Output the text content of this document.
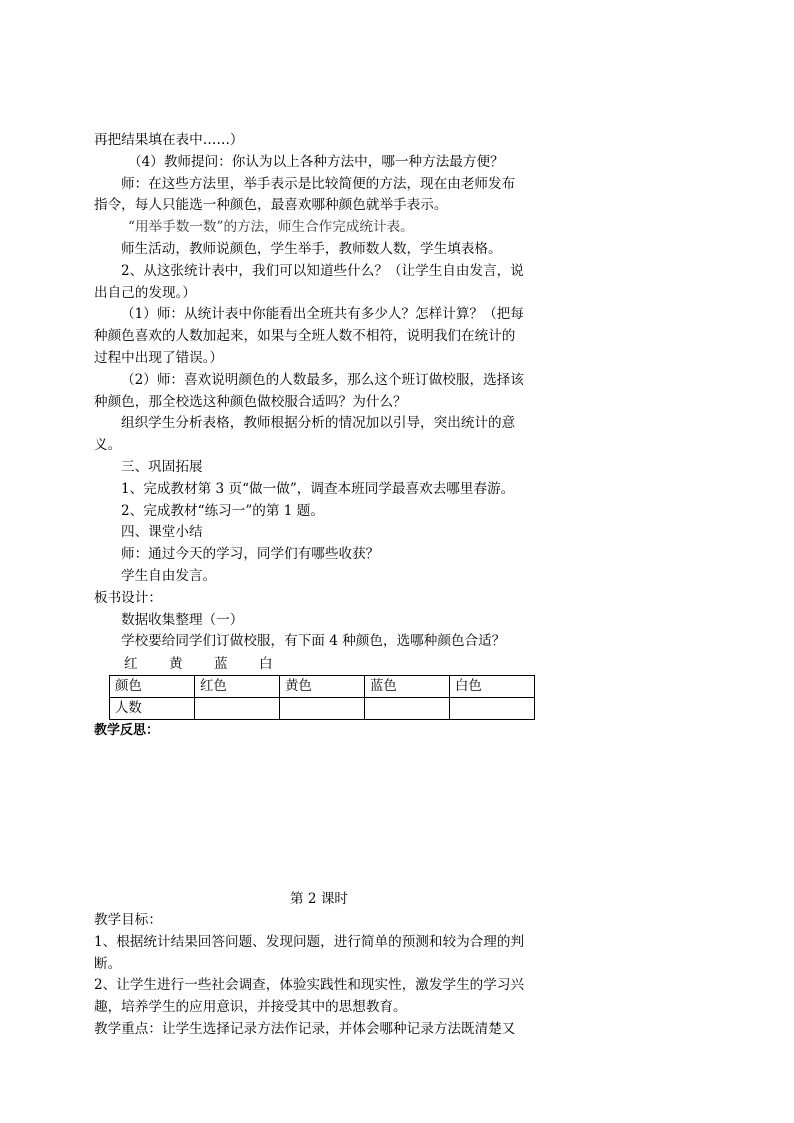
再把结果填在表中……）
（4）教师提问：你认为以上各种方法中，哪一种方法最方便？
师：在这些方法里，举手表示是比较简便的方法，现在由老师发布
指令，每人只能选一种颜色，最喜欢哪种颜色就举手表示。
“用举手数一数”的方法，师生合作完成统计表。
师生活动，教师说颜色，学生举手，教师数人数，学生填表格。
2、从这张统计表中，我们可以知道些什么？（让学生自由发言，说
出自己的发现。）
（1）师：从统计表中你能看出全班共有多少人？怎样计算？（把每
种颜色喜欢的人数加起来，如果与全班人数不相符，说明我们在统计的
过程中出现了错误。）
（2）师：喜欢说明颜色的人数最多，那么这个班订做校服，选择该
种颜色，那全校选这种颜色做校服合适吗？为什么？
组织学生分析表格，教师根据分析的情况加以引导，突出统计的意
义。
三、巩固拓展
1、完成教材第 3 页“做一做”，调查本班同学最喜欢去哪里春游。
2、完成教材“练习一”的第 1 题。
四、课堂小结
师：通过今天的学习，同学们有哪些收获？
学生自由发言。
板书设计：
数据收集整理（一）
学校要给同学们订做校服，有下面 4 种颜色，选哪种颜色合适？
红	黄	蓝	白
颜色	红色	黄色	蓝色	白色
人数				
教学反思：
第 2 课时
教学目标：
1、根据统计结果回答问题、发现问题，进行简单的预测和较为合理的判
断。
2、让学生进行一些社会调查，体验实践性和现实性，激发学生的学习兴
趣，培养学生的应用意识，并接受其中的思想教育。
教学重点：让学生选择记录方法作记录，并体会哪种记录方法既清楚又
